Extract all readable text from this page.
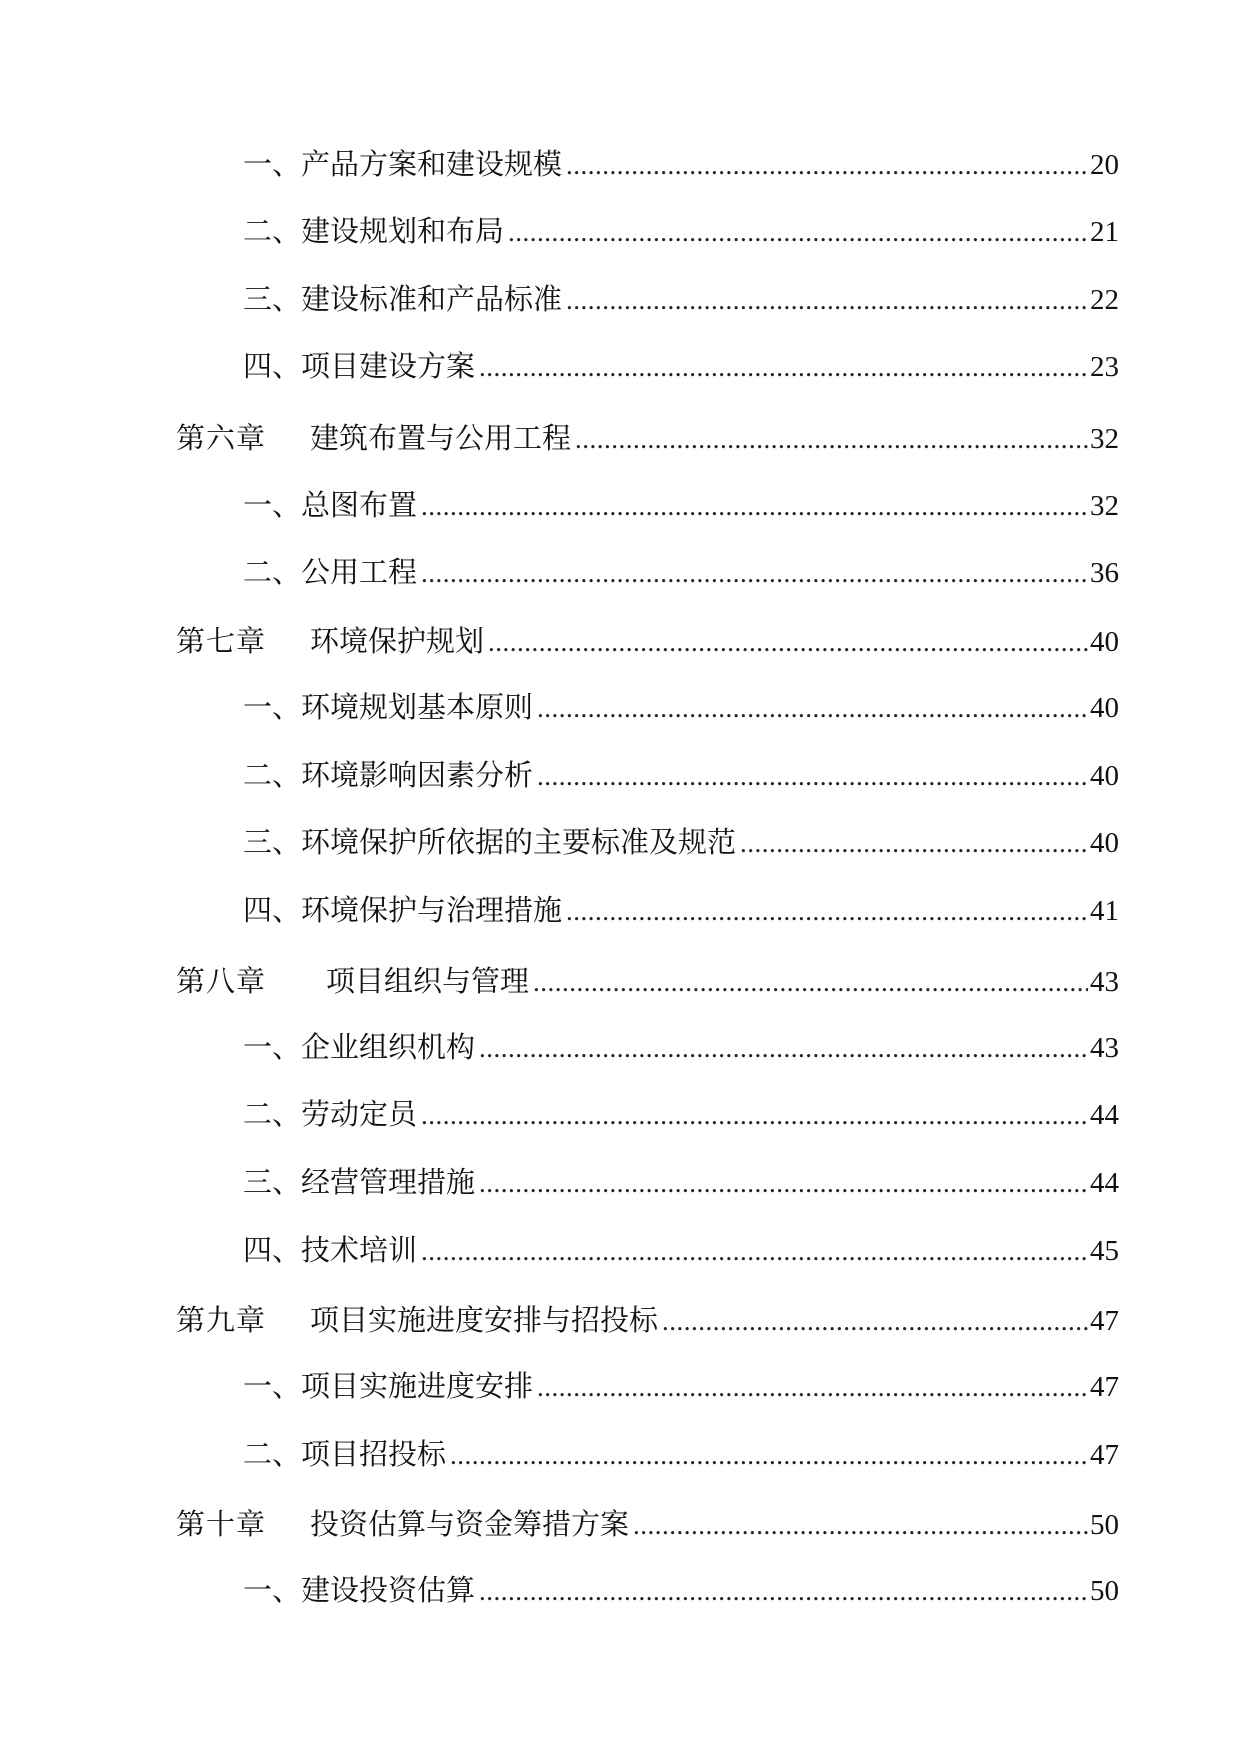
一、 产品方案和建设规模 .....	20
二、 建设规划和布局 .....	21
三、 建设标准和产品标准 .....	22
四、 项目建设方案 .....	23
第六章	建筑布置与公用工程 .....	32
一、 总图布置 .....	32
二、 公用工程 .....	36
第七章	环境保护规划 .....	40
一、 环境规划基本原则 .....	40
二、 环境影响因素分析 .....	40
三、 环境保护所依据的主要标准及规范 .....	40
四、 环境保护与治理措施 .....	41
第八章	项目组织与管理 .....	43
一、 企业组织机构 .....	43
二、 劳动定员 .....	44
三、 经营管理措施 .....	44
四、 技术培训 .....	45
第九章	项目实施进度安排与招投标 .....	47
一、 项目实施进度安排 .....	47
二、 项目招投标 .....	47
第十章	投资估算与资金筹措方案 .....	50
一、 建设投资估算 .....	50
